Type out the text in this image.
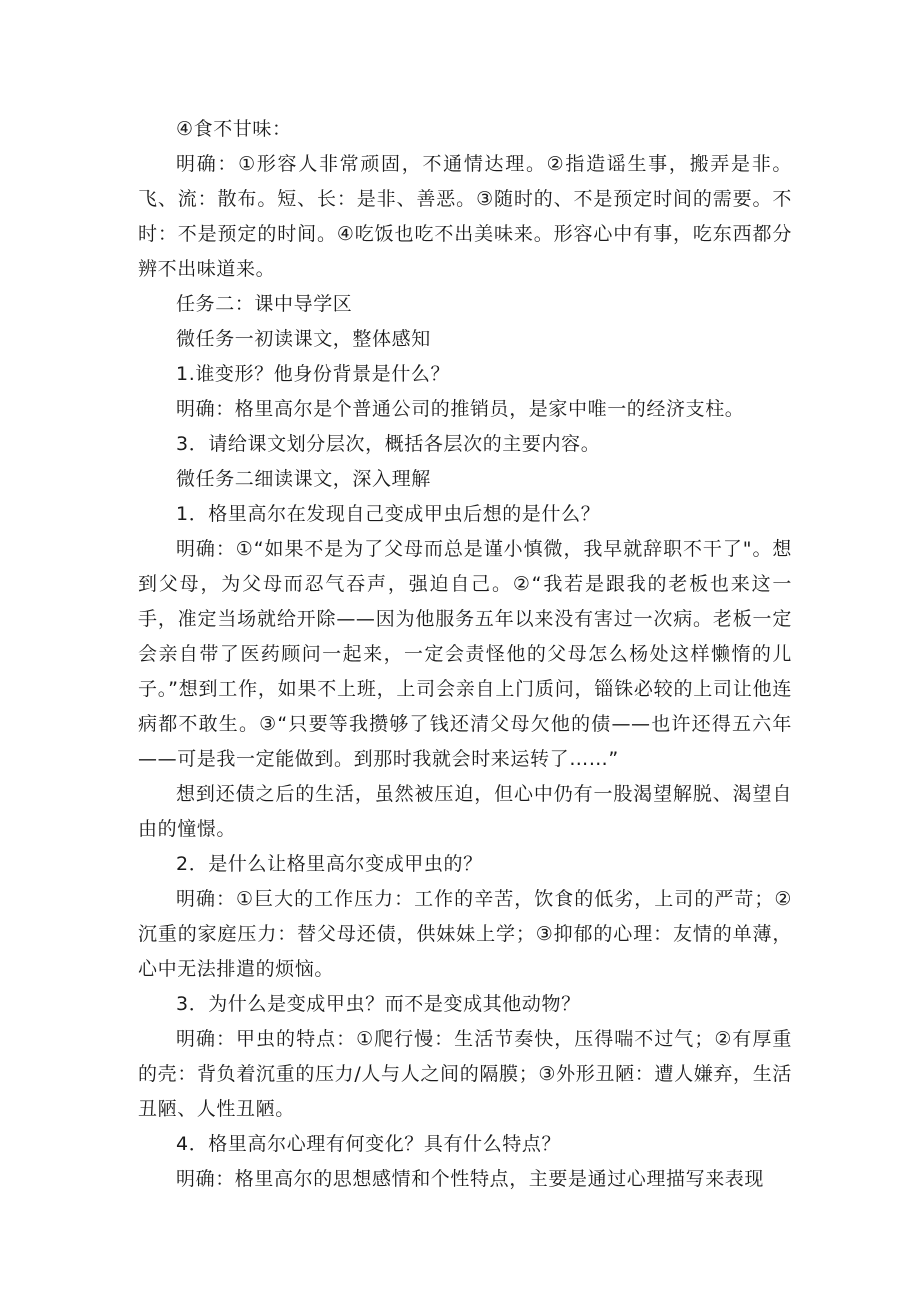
④食不甘味：

明确：①形容人非常顽固，不通情达理。②指造谣生事，搬弄是非。飞、流：散布。短、长：是非、善恶。③随时的、不是预定时间的需要。不时：不是预定的时间。④吃饭也吃不出美味来。形容心中有事，吃东西都分辨不出味道来。

任务二：课中导学区

微任务一初读课文，整体感知

1.谁变形？他身份背景是什么？

明确：格里高尔是个普通公司的推销员，是家中唯一的经济支柱。

3．请给课文划分层次，概括各层次的主要内容。

微任务二细读课文，深入理解

1．格里高尔在发现自己变成甲虫后想的是什么？

明确：①“如果不是为了父母而总是谨小慎微，我早就辞职不干了"。想到父母，为父母而忍气吞声，强迫自己。②“我若是跟我的老板也来这一手，准定当场就给开除——因为他服务五年以来没有害过一次病。老板一定会亲自带了医药顾问一起来，一定会责怪他的父母怎么杨处这样懒惰的儿子。”想到工作，如果不上班，上司会亲自上门质问，锱铢必较的上司让他连病都不敢生。③“只要等我攒够了钱还清父母欠他的债——也许还得五六年——可是我一定能做到。到那时我就会时来运转了……”

想到还债之后的生活，虽然被压迫，但心中仍有一股渴望解脱、渴望自由的憧憬。

2．是什么让格里高尔变成甲虫的？

明确：①巨大的工作压力：工作的辛苦，饮食的低劣，上司的严苛；②沉重的家庭压力：替父母还债，供妹妹上学；③抑郁的心理：友情的单薄，心中无法排遣的烦恼。

3．为什么是变成甲虫？而不是变成其他动物？

明确：甲虫的特点：①爬行慢：生活节奏快，压得喘不过气；②有厚重的壳：背负着沉重的压力/人与人之间的隔膜；③外形丑陋：遭人嫌弃，生活丑陋、人性丑陋。

4．格里高尔心理有何变化？具有什么特点？

明确：格里高尔的思想感情和个性特点，主要是通过心理描写来表现
